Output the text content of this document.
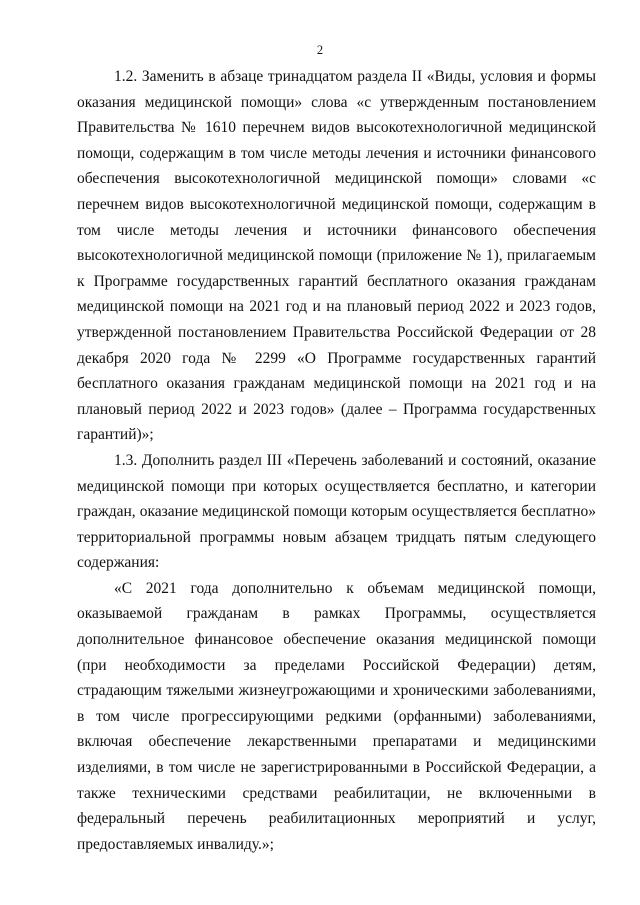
2

1.2. Заменить в абзаце тринадцатом раздела II «Виды, условия и формы оказания медицинской помощи» слова «с утвержденным постановлением Правительства № 1610 перечнем видов высокотехнологичной медицинской помощи, содержащим в том числе методы лечения и источники финансового обеспечения высокотехнологичной медицинской помощи» словами «с перечнем видов высокотехнологичной медицинской помощи, содержащим в том числе методы лечения и источники финансового обеспечения высокотехнологичной медицинской помощи (приложение № 1), прилагаемым к Программе государственных гарантий бесплатного оказания гражданам медицинской помощи на 2021 год и на плановый период 2022 и 2023 годов, утвержденной постановлением Правительства Российской Федерации от 28 декабря 2020 года № 2299 «О Программе государственных гарантий бесплатного оказания гражданам медицинской помощи на 2021 год и на плановый период 2022 и 2023 годов» (далее – Программа государственных гарантий)»;

1.3. Дополнить раздел III «Перечень заболеваний и состояний, оказание медицинской помощи при которых осуществляется бесплатно, и категории граждан, оказание медицинской помощи которым осуществляется бесплатно» территориальной программы новым абзацем тридцать пятым следующего содержания:

«С 2021 года дополнительно к объемам медицинской помощи, оказываемой гражданам в рамках Программы, осуществляется дополнительное финансовое обеспечение оказания медицинской помощи (при необходимости за пределами Российской Федерации) детям, страдающим тяжелыми жизнеугрожающими и хроническими заболеваниями, в том числе прогрессирующими редкими (орфанными) заболеваниями, включая обеспечение лекарственными препаратами и медицинскими изделиями, в том числе не зарегистрированными в Российской Федерации, а также техническими средствами реабилитации, не включенными в федеральный перечень реабилитационных мероприятий и услуг, предоставляемых инвалиду.»;
